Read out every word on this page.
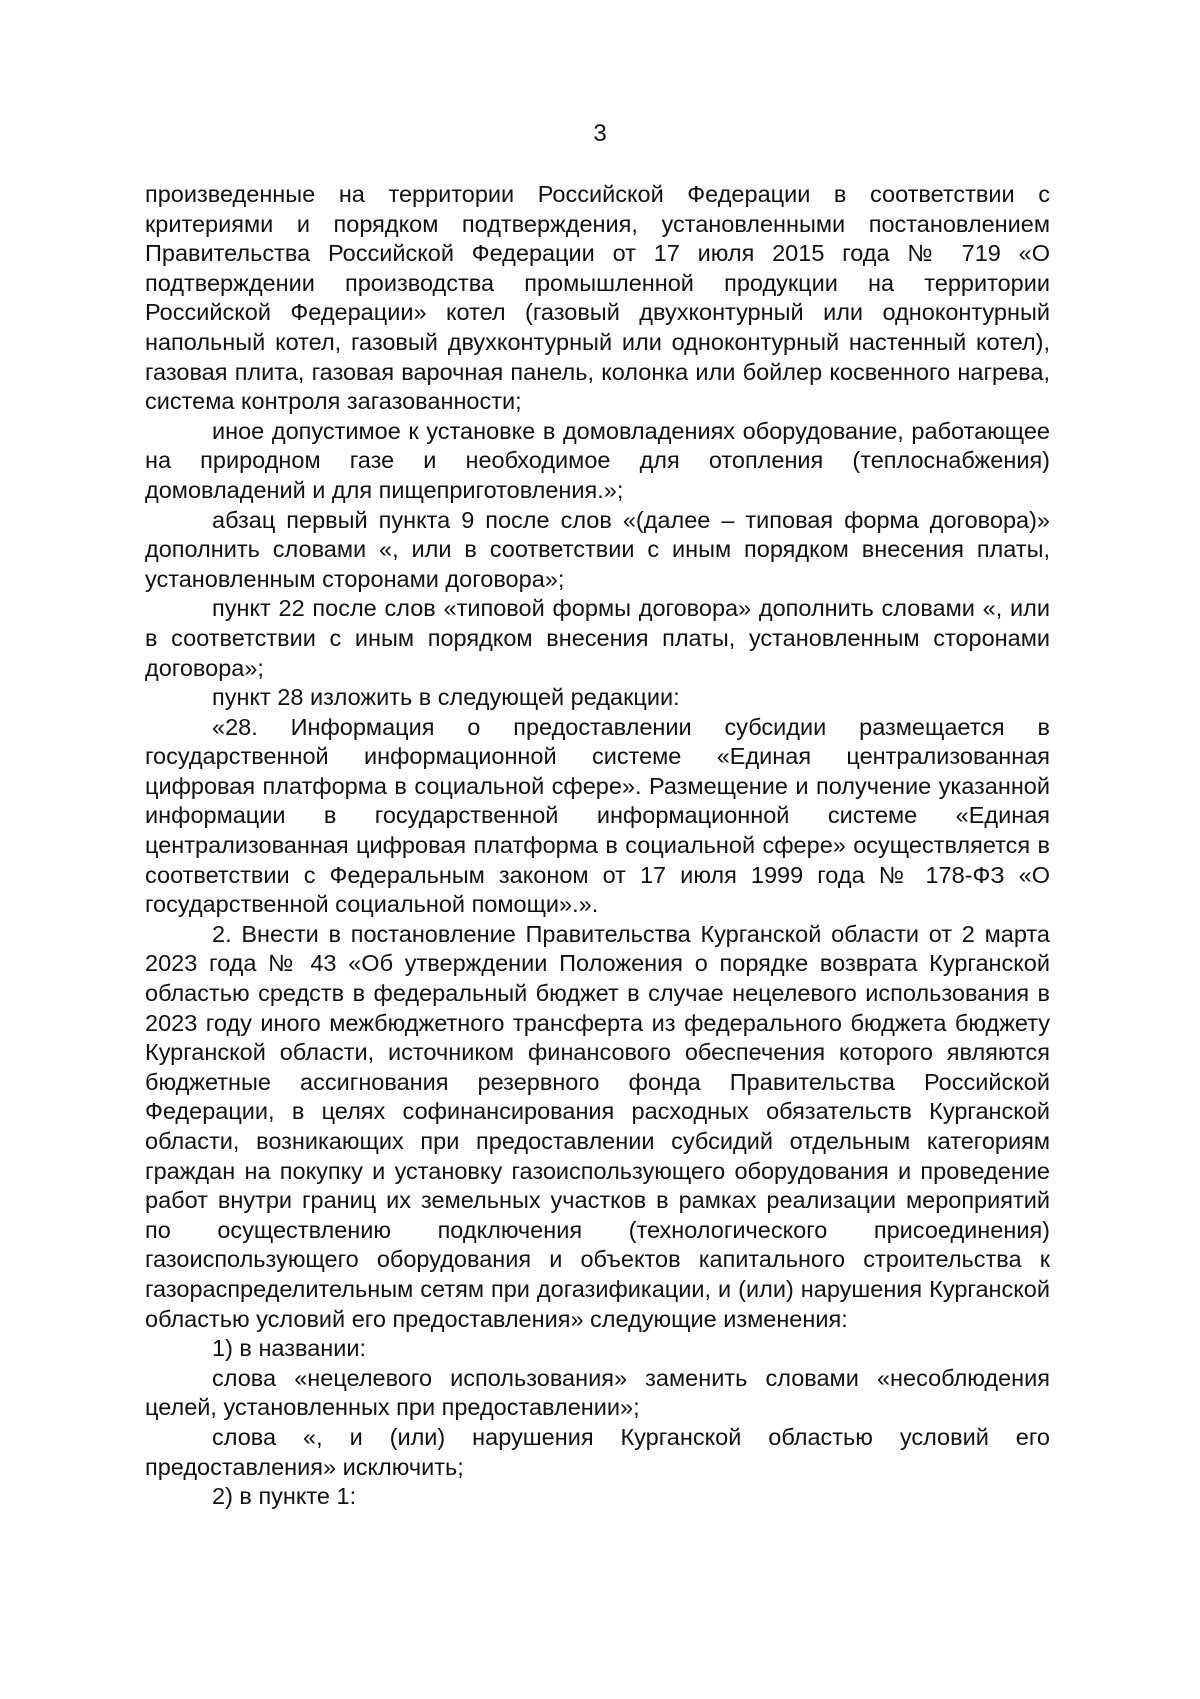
3

произведенные на территории Российской Федерации в соответствии с критериями и порядком подтверждения, установленными постановлением Правительства Российской Федерации от 17 июля 2015 года № 719 «О подтверждении производства промышленной продукции на территории Российской Федерации» котел (газовый двухконтурный или одноконтурный напольный котел, газовый двухконтурный или одноконтурный настенный котел), газовая плита, газовая варочная панель, колонка или бойлер косвенного нагрева, система контроля загазованности;

иное допустимое к установке в домовладениях оборудование, работающее на природном газе и необходимое для отопления (теплоснабжения) домовладений и для пищеприготовления.»;

абзац первый пункта 9 после слов «(далее – типовая форма договора)» дополнить словами «, или в соответствии с иным порядком внесения платы, установленным сторонами договора»;

пункт 22 после слов «типовой формы договора» дополнить словами «, или в соответствии с иным порядком внесения платы, установленным сторонами договора»;

пункт 28 изложить в следующей редакции:

«28. Информация о предоставлении субсидии размещается в государственной информационной системе «Единая централизованная цифровая платформа в социальной сфере». Размещение и получение указанной информации в государственной информационной системе «Единая централизованная цифровая платформа в социальной сфере» осуществляется в соответствии с Федеральным законом от 17 июля 1999 года № 178-ФЗ «О государственной социальной помощи».».

2. Внести в постановление Правительства Курганской области от 2 марта 2023 года № 43 «Об утверждении Положения о порядке возврата Курганской областью средств в федеральный бюджет в случае нецелевого использования в 2023 году иного межбюджетного трансферта из федерального бюджета бюджету Курганской области, источником финансового обеспечения которого являются бюджетные ассигнования резервного фонда Правительства Российской Федерации, в целях софинансирования расходных обязательств Курганской области, возникающих при предоставлении субсидий отдельным категориям граждан на покупку и установку газоиспользующего оборудования и проведение работ внутри границ их земельных участков в рамках реализации мероприятий по осуществлению подключения (технологического присоединения) газоиспользующего оборудования и объектов капитального строительства к газораспределительным сетям при догазификации, и (или) нарушения Курганской областью условий его предоставления» следующие изменения:

1) в названии:

слова «нецелевого использования» заменить словами «несоблюдения целей, установленных при предоставлении»;

слова «, и (или) нарушения Курганской областью условий его предоставления» исключить;

2) в пункте 1:
